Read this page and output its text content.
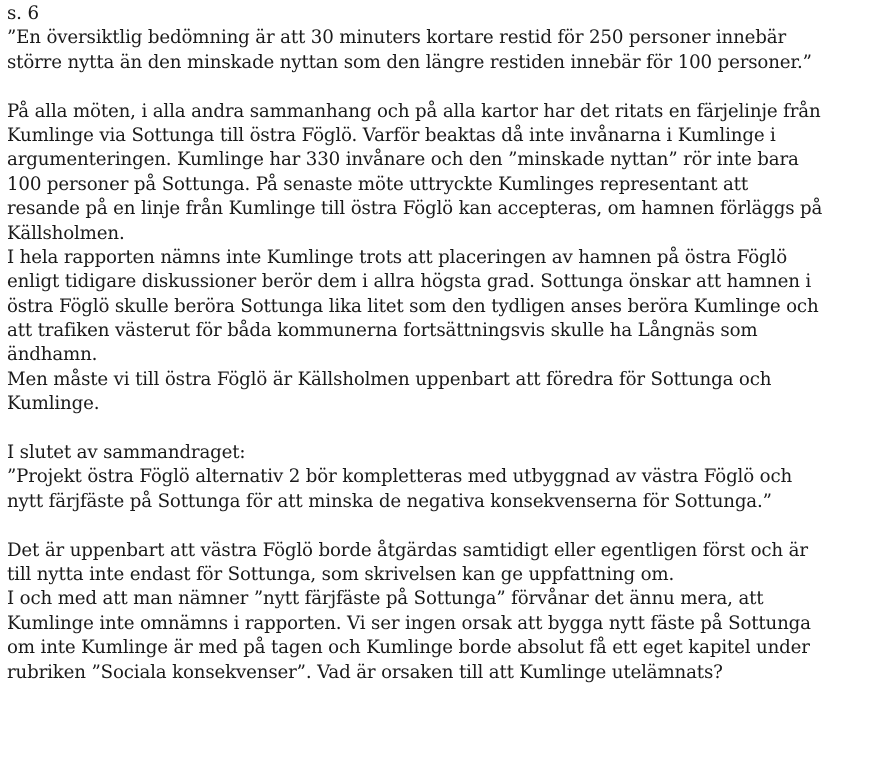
s. 6
”En översiktlig bedömning är att 30 minuters kortare restid för 250 personer innebär
större nytta än den minskade nyttan som den längre restiden innebär för 100 personer.”
På alla möten, i alla andra sammanhang och på alla kartor har det ritats en färjelinje från
Kumlinge via Sottunga till östra Föglö. Varför beaktas då inte invånarna i Kumlinge i
argumenteringen. Kumlinge har 330 invånare och den ”minskade nyttan” rör inte bara
100 personer på Sottunga. På senaste möte uttryckte Kumlinges representant att
resande på en linje från Kumlinge till östra Föglö kan accepteras, om hamnen förläggs på
Källsholmen.
I hela rapporten nämns inte Kumlinge trots att placeringen av hamnen på östra Föglö
enligt tidigare diskussioner berör dem i allra högsta grad. Sottunga önskar att hamnen i
östra Föglö skulle beröra Sottunga lika litet som den tydligen anses beröra Kumlinge och
att trafiken västerut för båda kommunerna fortsättningsvis skulle ha Långnäs som
ändhamn.
Men måste vi till östra Föglö är Källsholmen uppenbart att föredra för Sottunga och
Kumlinge.
I slutet av sammandraget:
”Projekt östra Föglö alternativ 2 bör kompletteras med utbyggnad av västra Föglö och
nytt färjfäste på Sottunga för att minska de negativa konsekvenserna för Sottunga.”
Det är uppenbart att västra Föglö borde åtgärdas samtidigt eller egentligen först och är
till nytta inte endast för Sottunga, som skrivelsen kan ge uppfattning om.
I och med att man nämner ”nytt färjfäste på Sottunga” förvånar det ännu mera, att
Kumlinge inte omnämns i rapporten. Vi ser ingen orsak att bygga nytt fäste på Sottunga
om inte Kumlinge är med på tagen och Kumlinge borde absolut få ett eget kapitel under
rubriken ”Sociala konsekvenser”. Vad är orsaken till att Kumlinge utelämnats?
